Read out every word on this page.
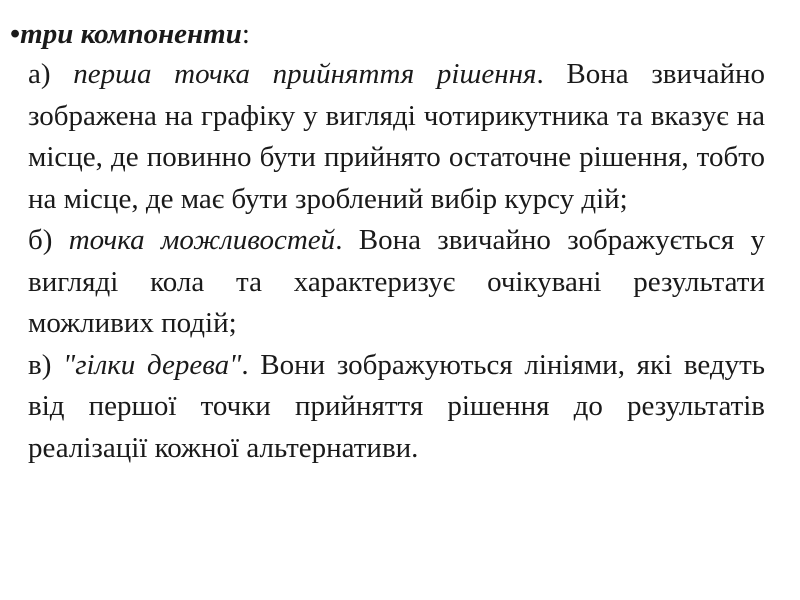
•три компоненти:

а) перша точка прийняття рішення. Вона звичайно зображена на графіку у вигляді чотирикутника та вказує на місце, де повинно бути прийнято остаточне рішення, тобто на місце, де має бути зроблений вибір курсу дій;

б) точка можливостей. Вона звичайно зображується у вигляді кола та характеризує очікувані результати можливих подій;

в) "гілки дерева". Вони зображуються лініями, які ведуть від першої точки прийняття рішення до результатів реалізації кожної альтернативи.
